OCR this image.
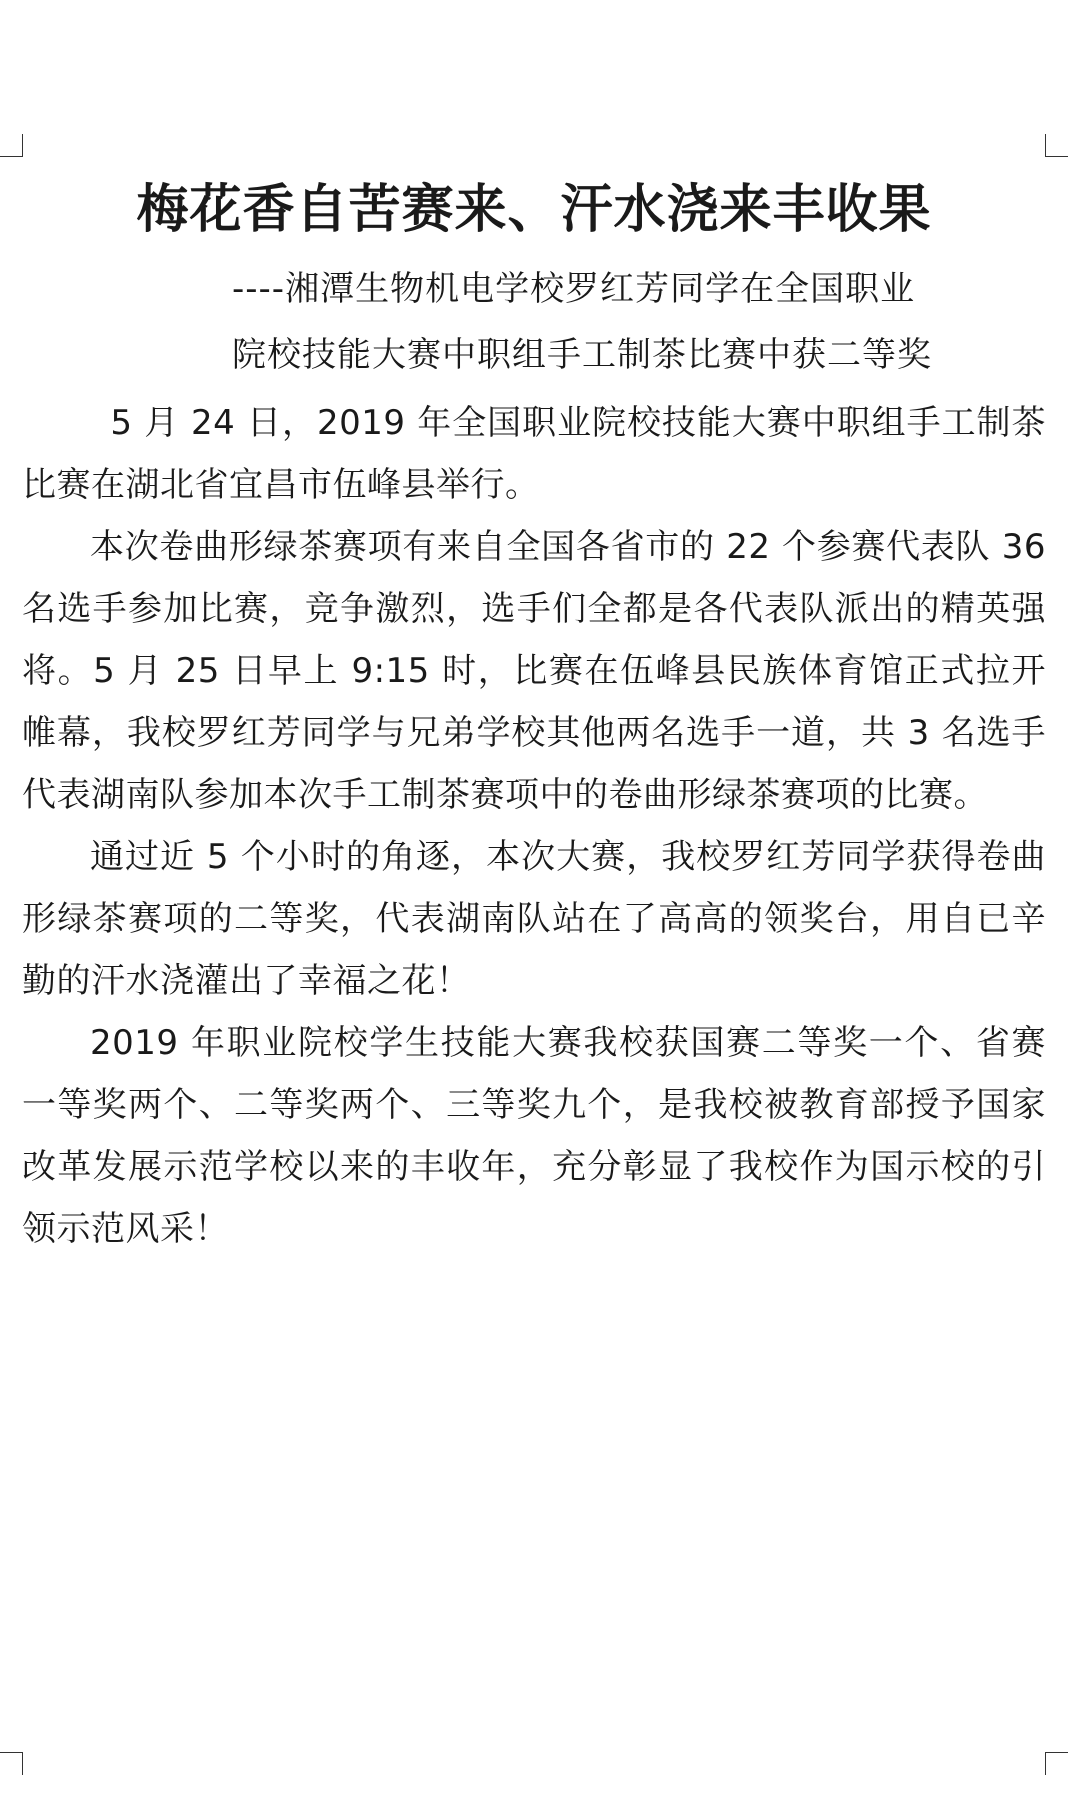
梅花香自苦赛来、汗水浇来丰收果
----湘潭生物机电学校罗红芳同学在全国职业
院校技能大赛中职组手工制茶比赛中获二等奖

5 月 24 日，2019 年全国职业院校技能大赛中职组手工制茶比赛在湖北省宜昌市伍峰县举行。

本次卷曲形绿茶赛项有来自全国各省市的 22 个参赛代表队 36 名选手参加比赛，竞争激烈，选手们全都是各代表队派出的精英强将。5 月 25 日早上 9:15 时，比赛在伍峰县民族体育馆正式拉开帷幕，我校罗红芳同学与兄弟学校其他两名选手一道，共 3 名选手代表湖南队参加本次手工制茶赛项中的卷曲形绿茶赛项的比赛。

通过近 5 个小时的角逐，本次大赛，我校罗红芳同学获得卷曲形绿茶赛项的二等奖，代表湖南队站在了高高的领奖台，用自已辛勤的汗水浇灌出了幸福之花！

2019 年职业院校学生技能大赛我校获国赛二等奖一个、省赛一等奖两个、二等奖两个、三等奖九个，是我校被教育部授予国家改革发展示范学校以来的丰收年，充分彰显了我校作为国示校的引领示范风采！
